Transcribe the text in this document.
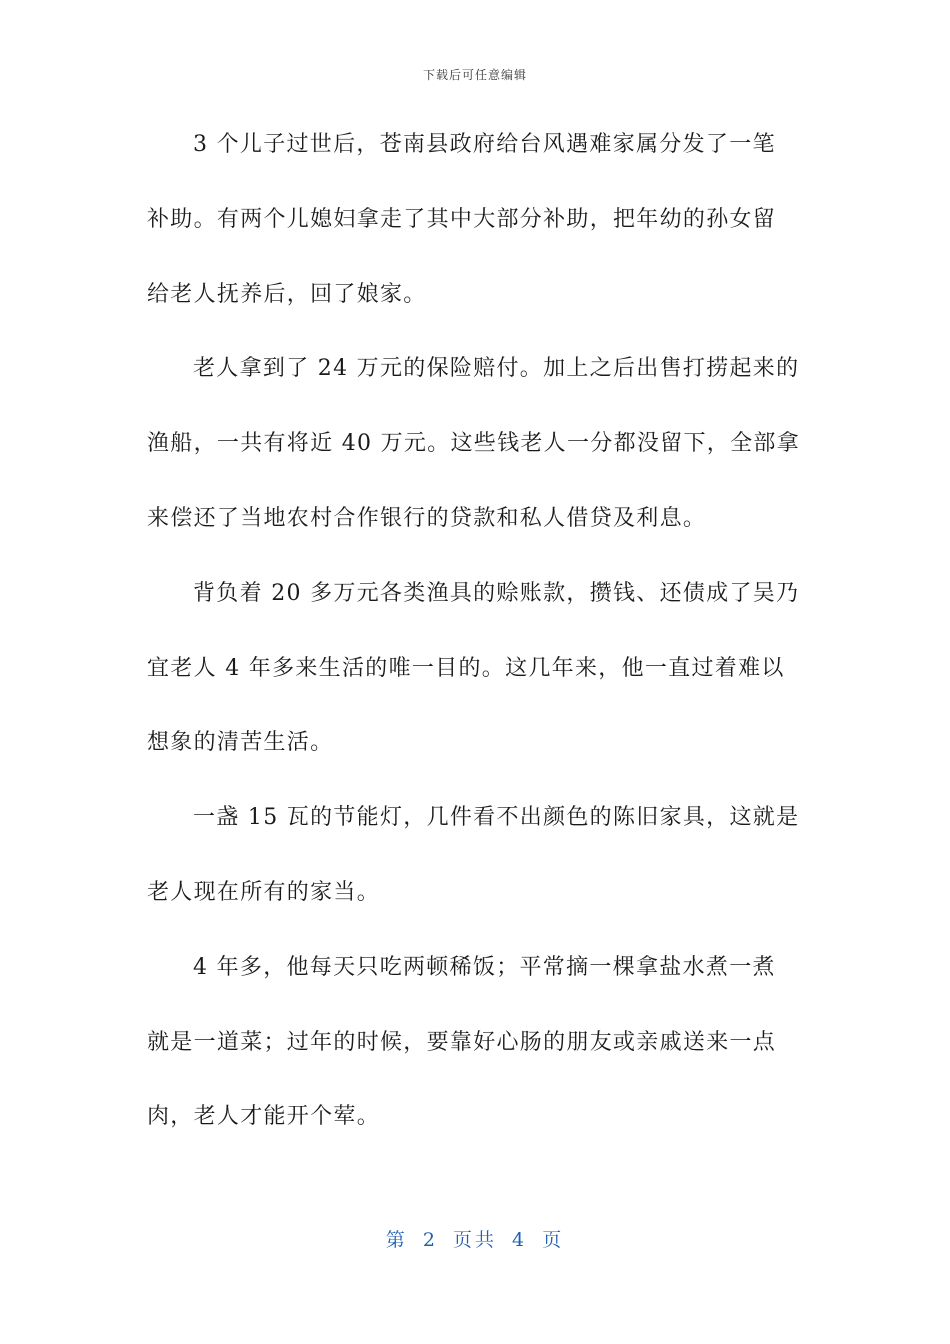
下载后可任意编辑
3 个儿子过世后，苍南县政府给台风遇难家属分发了一笔
补助。有两个儿媳妇拿走了其中大部分补助，把年幼的孙女留
给老人抚养后，回了娘家。
老人拿到了 24 万元的保险赔付。加上之后出售打捞起来的
渔船，一共有将近 40 万元。这些钱老人一分都没留下，全部拿
来偿还了当地农村合作银行的贷款和私人借贷及利息。
背负着 20 多万元各类渔具的赊账款，攒钱、还债成了吴乃
宜老人 4 年多来生活的唯一目的。这几年来，他一直过着难以
想象的清苦生活。
一盏 15 瓦的节能灯，几件看不出颜色的陈旧家具，这就是
老人现在所有的家当。
4 年多，他每天只吃两顿稀饭；平常摘一棵拿盐水煮一煮
就是一道菜；过年的时候，要靠好心肠的朋友或亲戚送来一点
肉，老人才能开个荤。
第 2 页共 4 页
